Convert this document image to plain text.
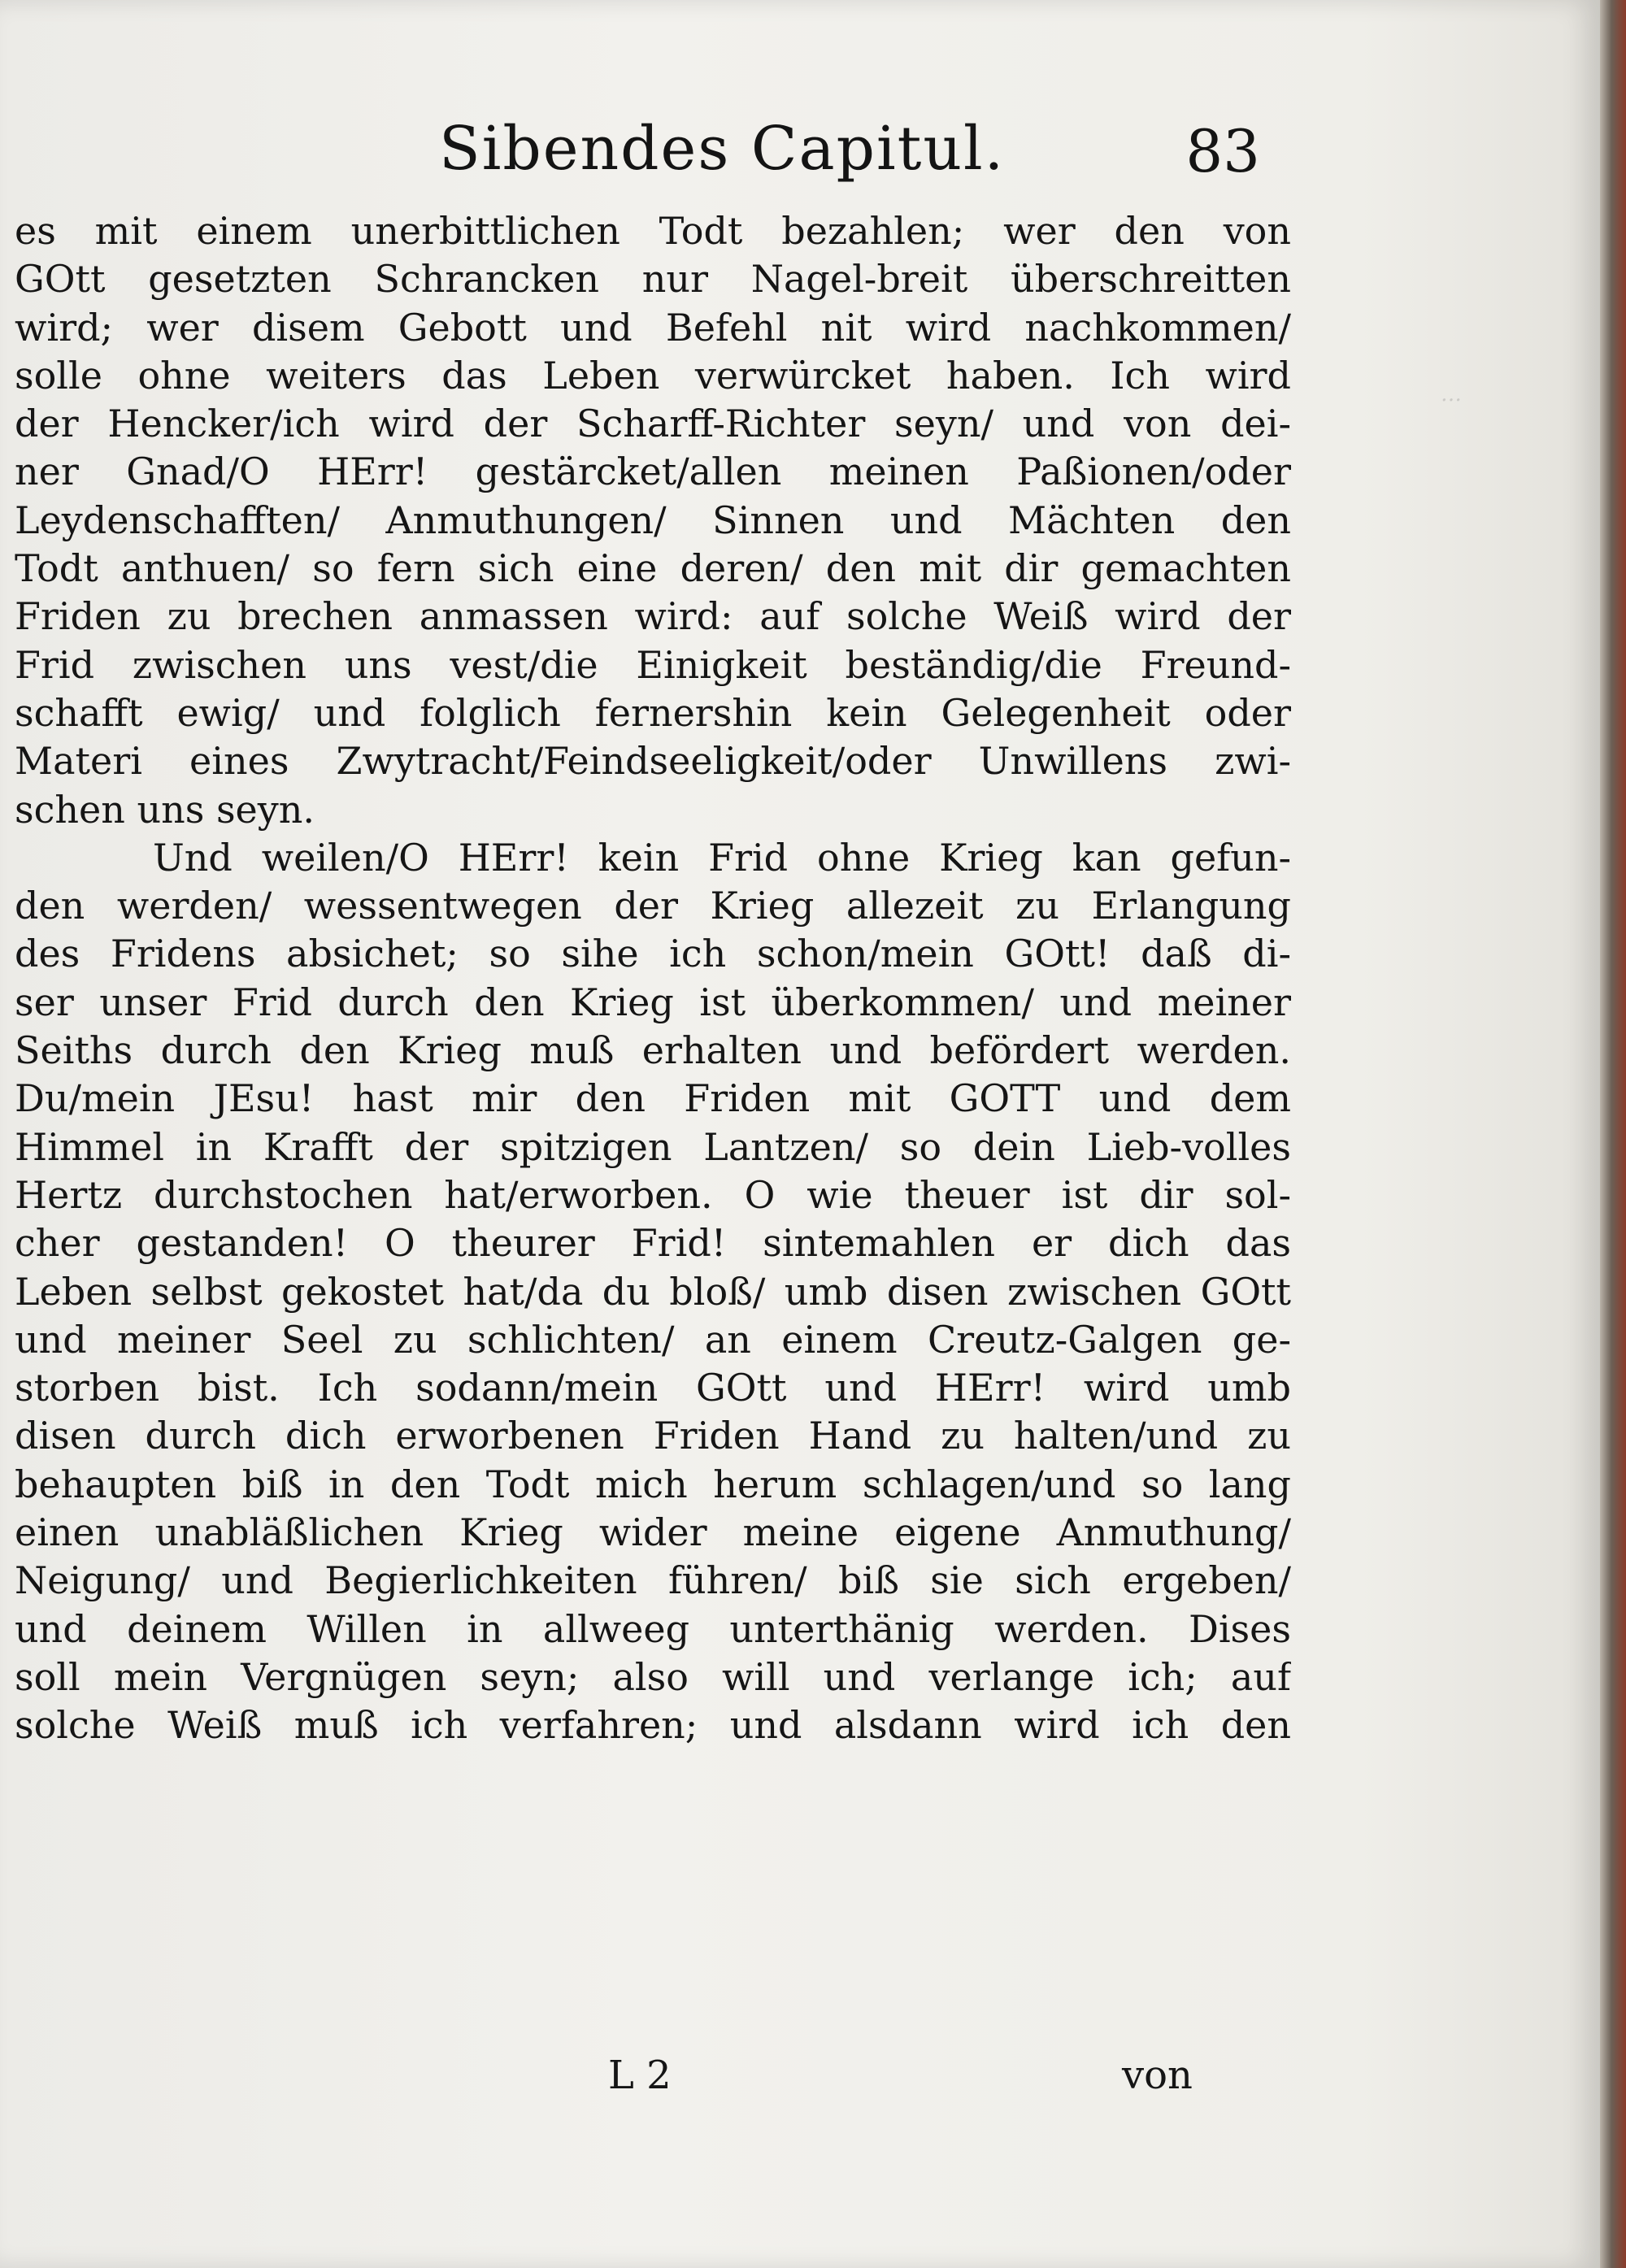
…
Sibendes Capitul.	83
es mit einem unerbittlichen Todt bezahlen; wer den von
GOtt gesetzten Schrancken nur Nagel-breit überschreitten
wird; wer disem Gebott und Befehl nit wird nachkommen/
solle ohne weiters das Leben verwürcket haben. Ich wird
der Hencker/ich wird der Scharff-Richter seyn/ und von dei-
ner Gnad/O HErr! gestärcket/allen meinen Paßionen/oder
Leydenschafften/ Anmuthungen/ Sinnen und Mächten den
Todt anthuen/ so fern sich eine deren/ den mit dir gemachten
Friden zu brechen anmassen wird: auf solche Weiß wird der
Frid zwischen uns vest/die Einigkeit beständig/die Freund-
schafft ewig/ und folglich fernershin kein Gelegenheit oder
Materi eines Zwytracht/Feindseeligkeit/oder Unwillens zwi-
schen uns seyn.
Und weilen/O HErr! kein Frid ohne Krieg kan gefun-
den werden/ wessentwegen der Krieg allezeit zu Erlangung
des Fridens absichet; so sihe ich schon/mein GOtt! daß di-
ser unser Frid durch den Krieg ist überkommen/ und meiner
Seiths durch den Krieg muß erhalten und befördert werden.
Du/mein JEsu! hast mir den Friden mit GOTT und dem
Himmel in Krafft der spitzigen Lantzen/ so dein Lieb-volles
Hertz durchstochen hat/erworben. O wie theuer ist dir sol-
cher gestanden! O theurer Frid! sintemahlen er dich das
Leben selbst gekostet hat/da du bloß/ umb disen zwischen GOtt
und meiner Seel zu schlichten/ an einem Creutz-Galgen ge-
storben bist. Ich sodann/mein GOtt und HErr! wird umb
disen durch dich erworbenen Friden Hand zu halten/und zu
behaupten biß in den Todt mich herum schlagen/und so lang
einen unabläßlichen Krieg wider meine eigene Anmuthung/
Neigung/ und Begierlichkeiten führen/ biß sie sich ergeben/
und deinem Willen in allweeg unterthänig werden. Dises
soll mein Vergnügen seyn; also will und verlange ich; auf
solche Weiß muß ich verfahren; und alsdann wird ich den
L 2	von
